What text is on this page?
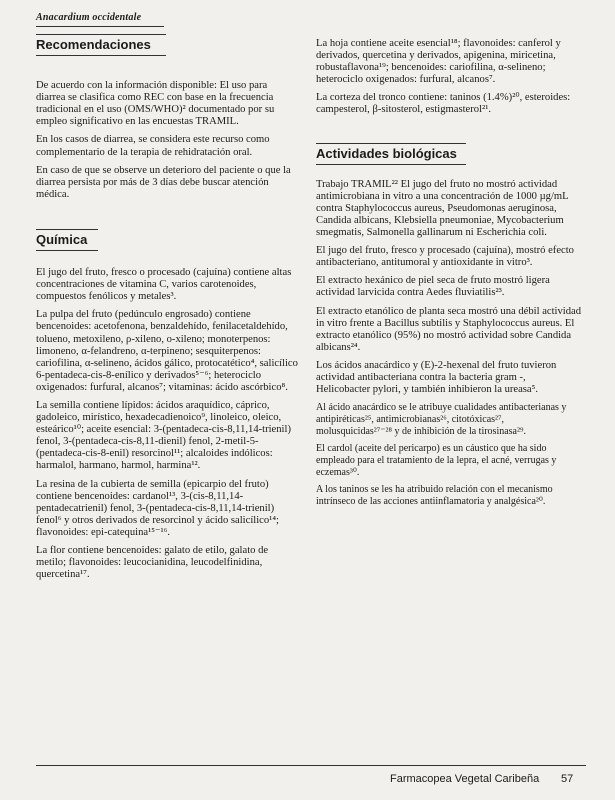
Anacardium occidentale
Recomendaciones

De acuerdo con la información disponible: El uso para diarrea se clasifica como REC con base en la frecuencia tradicional en el uso (OMS/WHO)² documentado por su empleo significativo en las encuestas TRAMIL.

En los casos de diarrea, se considera este recurso como complementario de la terapia de rehidratación oral.

En caso de que se observe un deterioro del paciente o que la diarrea persista por más de 3 días debe buscar atención médica.

Química

El jugo del fruto, fresco o procesado (cajuína) contiene altas concentraciones de vitamina C, varios carotenoides, compuestos fenólicos y metales³.

La pulpa del fruto (pedúnculo engrosado) contiene bencenoides: acetofenona, benzaldehído, fenilacetaldehído, tolueno, metoxileno, ρ-xileno, o-xileno; monoterpenos: limoneno, α-felandreno, α-terpineno; sesquiterpenos: cariofilina, α-selineno, ácidos gálico, protocatético⁴, salicílico 6-pentadeca-cis-8-enílico y derivados⁵⁻⁶; heterociclo oxigenados: furfural, alcanos⁷; vitaminas: ácido ascórbico⁸.

La semilla contiene lípidos: ácidos araquídico, cáprico, gadoleico, mirístico, hexadecadienoico⁹, linoleico, oleico, esteárico¹⁰; aceite esencial: 3-(pentadeca-cis-8,11,14-trienil) fenol, 3-(pentadeca-cis-8,11-dienil) fenol, 2-metil-5-(pentadeca-cis-8-enil) resorcinol¹¹; alcaloides indólicos: harmalol, harmano, harmol, harmina¹².

La resina de la cubierta de semilla (epicarpio del fruto) contiene bencenoides: cardanol¹³, 3-(cis-8,11,14-pentadecatrienil) fenol, 3-(pentadeca-cis-8,11,14-trienil) fenol⁶ y otros derivados de resorcinol y ácido salicílico¹⁴; flavonoides: epi-catequina¹⁵⁻¹⁶.

La flor contiene bencenoides: galato de etilo, galato de metilo; flavonoides: leucocianidina, leucodelfinidina, quercetina¹⁷.

La hoja contiene aceite esencial¹⁸; flavonoides: canferol y derivados, quercetina y derivados, apigenina, miricetina, robustaflavona¹⁹; bencenoides: cariofilina, α-selineno; heterociclo oxigenados: furfural, alcanos⁷.

La corteza del tronco contiene: taninos (1.4%)²⁰, esteroides: campesterol, β-sitosterol, estigmasterol²¹.

Actividades biológicas

Trabajo TRAMIL²² El jugo del fruto no mostró actividad antimicrobiana in vitro a una concentración de 1000 µg/mL contra Staphylococcus aureus, Pseudomonas aeruginosa, Candida albicans, Klebsiella pneumoniae, Mycobacterium smegmatis, Salmonella gallinarum ni Escherichia coli.

El jugo del fruto, fresco y procesado (cajuína), mostró efecto antibacteriano, antitumoral y antioxidante in vitro³.

El extracto hexánico de piel seca de fruto mostró ligera actividad larvicida contra Aedes fluviatilis²³.

El extracto etanólico de planta seca mostró una débil actividad in vitro frente a Bacillus subtilis y Staphylococcus aureus. El extracto etanólico (95%) no mostró actividad sobre Candida albicans²⁴.

Los ácidos anacárdico y (E)-2-hexenal del fruto tuvieron actividad antibacteriana contra la bacteria gram -, Helicobacter pylori, y también inhibieron la ureasa⁵.

Al ácido anacárdico se le atribuye cualidades antibacterianas y antipiréticas²⁵, antimicrobianas²⁶, citotóxicas²⁷, molusquicidas²⁷⁻²⁸ y de inhibición de la tirosinasa²⁹.

El cardol (aceite del pericarpo) es un cáustico que ha sido empleado para el tratamiento de la lepra, el acné, verrugas y eczemas³⁰.

A los taninos se les ha atribuido relación con el mecanismo intrínseco de las acciones antiinflamatoria y analgésica²⁰.

Farmacopea Vegetal Caribeña 57
